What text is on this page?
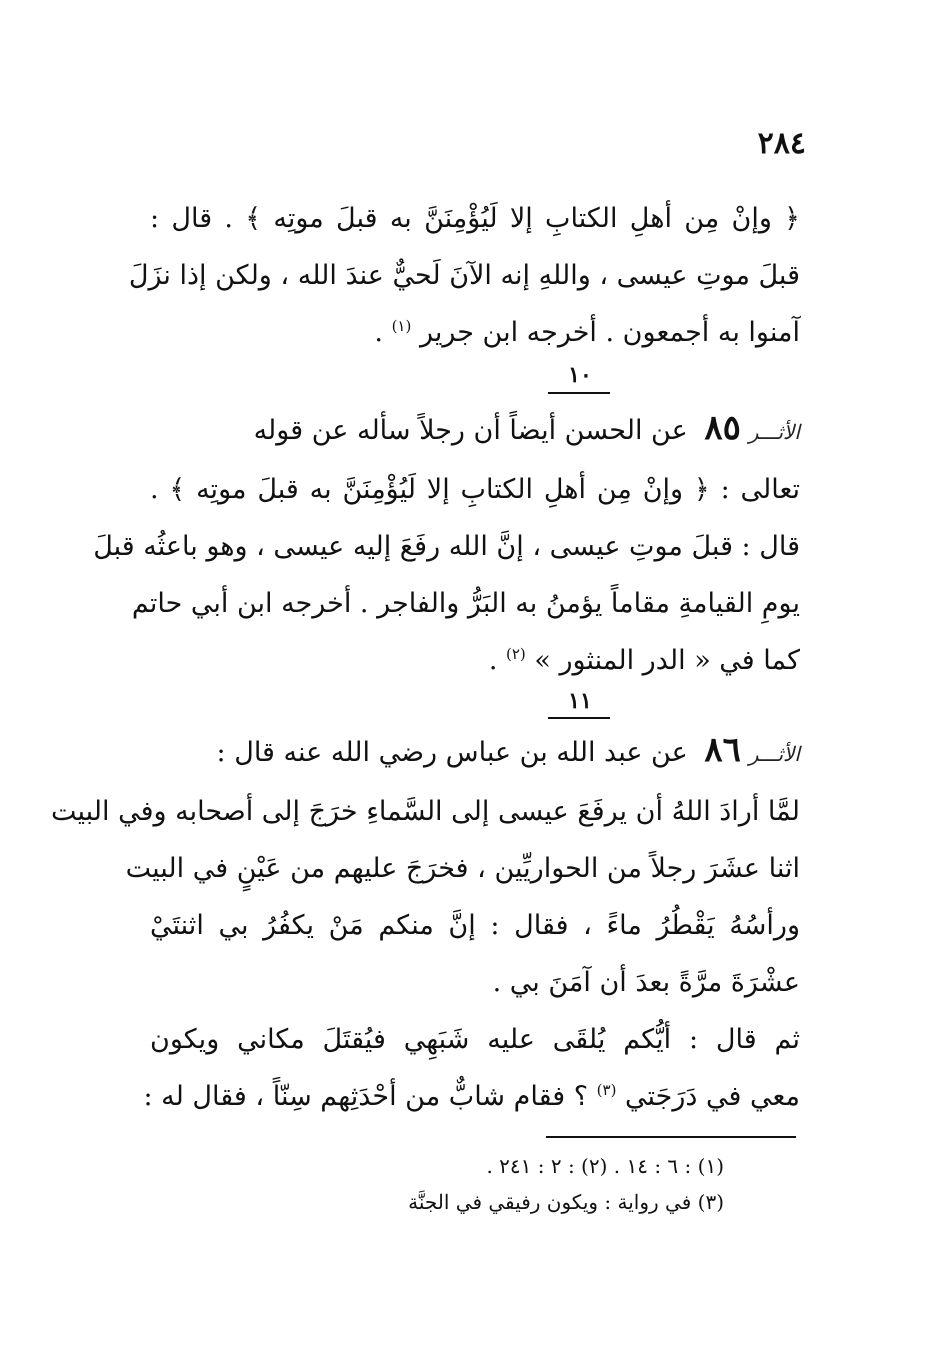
٢٨٤
﴿ وإنْ مِن أهلِ الكتابِ إلا لَيُؤْمِنَنَّ به قبلَ موتِه ﴾ . قال :
قبلَ موتِ عيسى ، واللهِ إنه الآنَ لَحيٌّ عندَ الله ، ولكن إذا نزَلَ
آمنوا به أجمعون . أخرجه ابن جرير $^{(١)}$ .
١٠
الأثـــر٨٥ عن الحسن أيضاً أن رجلاً سأله عن قوله
تعالى : ﴿ وإنْ مِن أهلِ الكتابِ إلا لَيُؤْمِنَنَّ به قبلَ موتِه ﴾ .
قال : قبلَ موتِ عيسى ، إنَّ الله رفَعَ إليه عيسى ، وهو باعثُه قبلَ
يومِ القيامةِ مقاماً يؤمنُ به البَرُّ والفاجر . أخرجه ابن أبي حاتم
كما في « الدر المنثور » $^{(٢)}$ .
١١
الأثـــر٨٦ عن عبد الله بن عباس رضي الله عنه قال :
لمَّا أرادَ اللهُ أن يرفَعَ عيسى إلى السَّماءِ خرَجَ إلى أصحابه وفي البيت
اثنا عشَرَ رجلاً من الحواريِّين ، فخرَجَ عليهم من عَيْنٍ في البيت
ورأسُهُ يَقْطُرُ ماءً ، فقال : إنَّ منكم مَنْ يكفُرُ بي اثنتَيْ
عشْرَةَ مرَّةً بعدَ أن آمَنَ بي .
ثم قال : أيُّكم يُلقَى عليه شَبَهِي فيُقتَلَ مكاني ويكون
معي في دَرَجَتي $^{(٣)}$ ؟ فقام شابٌّ من أحْدَثِهم سِنّاً ، فقال له :
(١) : ٦ : ١٤ . (٢) : ٢ : ٢٤١ .
(٣) في رواية : ويكون رفيقي في الجنَّة
